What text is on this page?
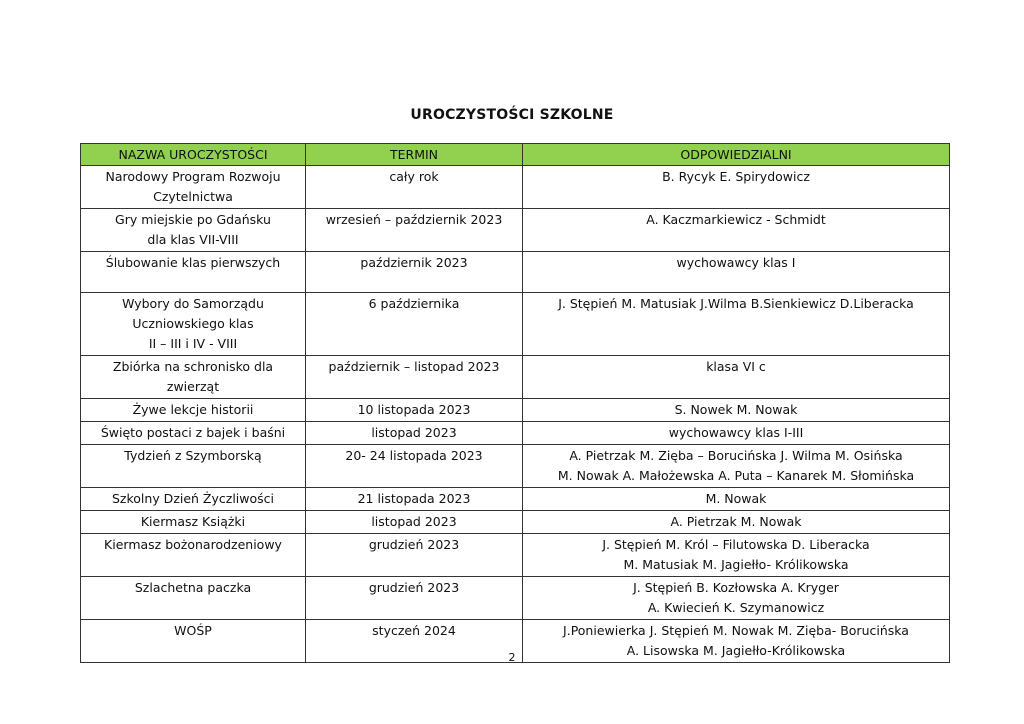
UROCZYSTOŚCI SZKOLNE
NAZWA UROCZYSTOŚCI	TERMIN	ODPOWIEDZIALNI

Narodowy Program Rozwoju
Czytelnictwa	cały rok	B. Rycyk E. Spirydowicz

Gry miejskie po Gdańsku
dla klas VII-VIII	wrzesień – październik 2023	A. Kaczmarkiewicz - Schmidt

Ślubowanie klas pierwszych	październik 2023	wychowawcy klas I

Wybory do Samorządu
Uczniowskiego klas
II – III i IV - VIII	6 października	J. Stępień M. Matusiak J.Wilma B.Sienkiewicz D.Liberacka

Zbiórka na schronisko dla
zwierząt	październik – listopad 2023	klasa VI c

Żywe lekcje historii	10 listopada 2023	S. Nowek M. Nowak

Święto postaci z bajek i baśni	listopad 2023	wychowawcy klas I-III

Tydzień z Szymborską	20- 24 listopada 2023	A. Pietrzak M. Zięba – Borucińska J. Wilma M. Osińska
M. Nowak A. Małożewska A. Puta – Kanarek M. Słomińska

Szkolny Dzień Życzliwości	21 listopada 2023	M. Nowak

Kiermasz Książki	listopad 2023	A. Pietrzak M. Nowak

Kiermasz bożonarodzeniowy	grudzień 2023	J. Stępień M. Król – Filutowska D. Liberacka
M. Matusiak M. Jagiełło- Królikowska

Szlachetna paczka	grudzień 2023	J. Stępień B. Kozłowska A. Kryger
A. Kwiecień K. Szymanowicz

WOŚP	styczeń 2024	J.Poniewierka J. Stępień M. Nowak M. Zięba- Borucińska
A. Lisowska M. Jagiełło-Królikowska
2
